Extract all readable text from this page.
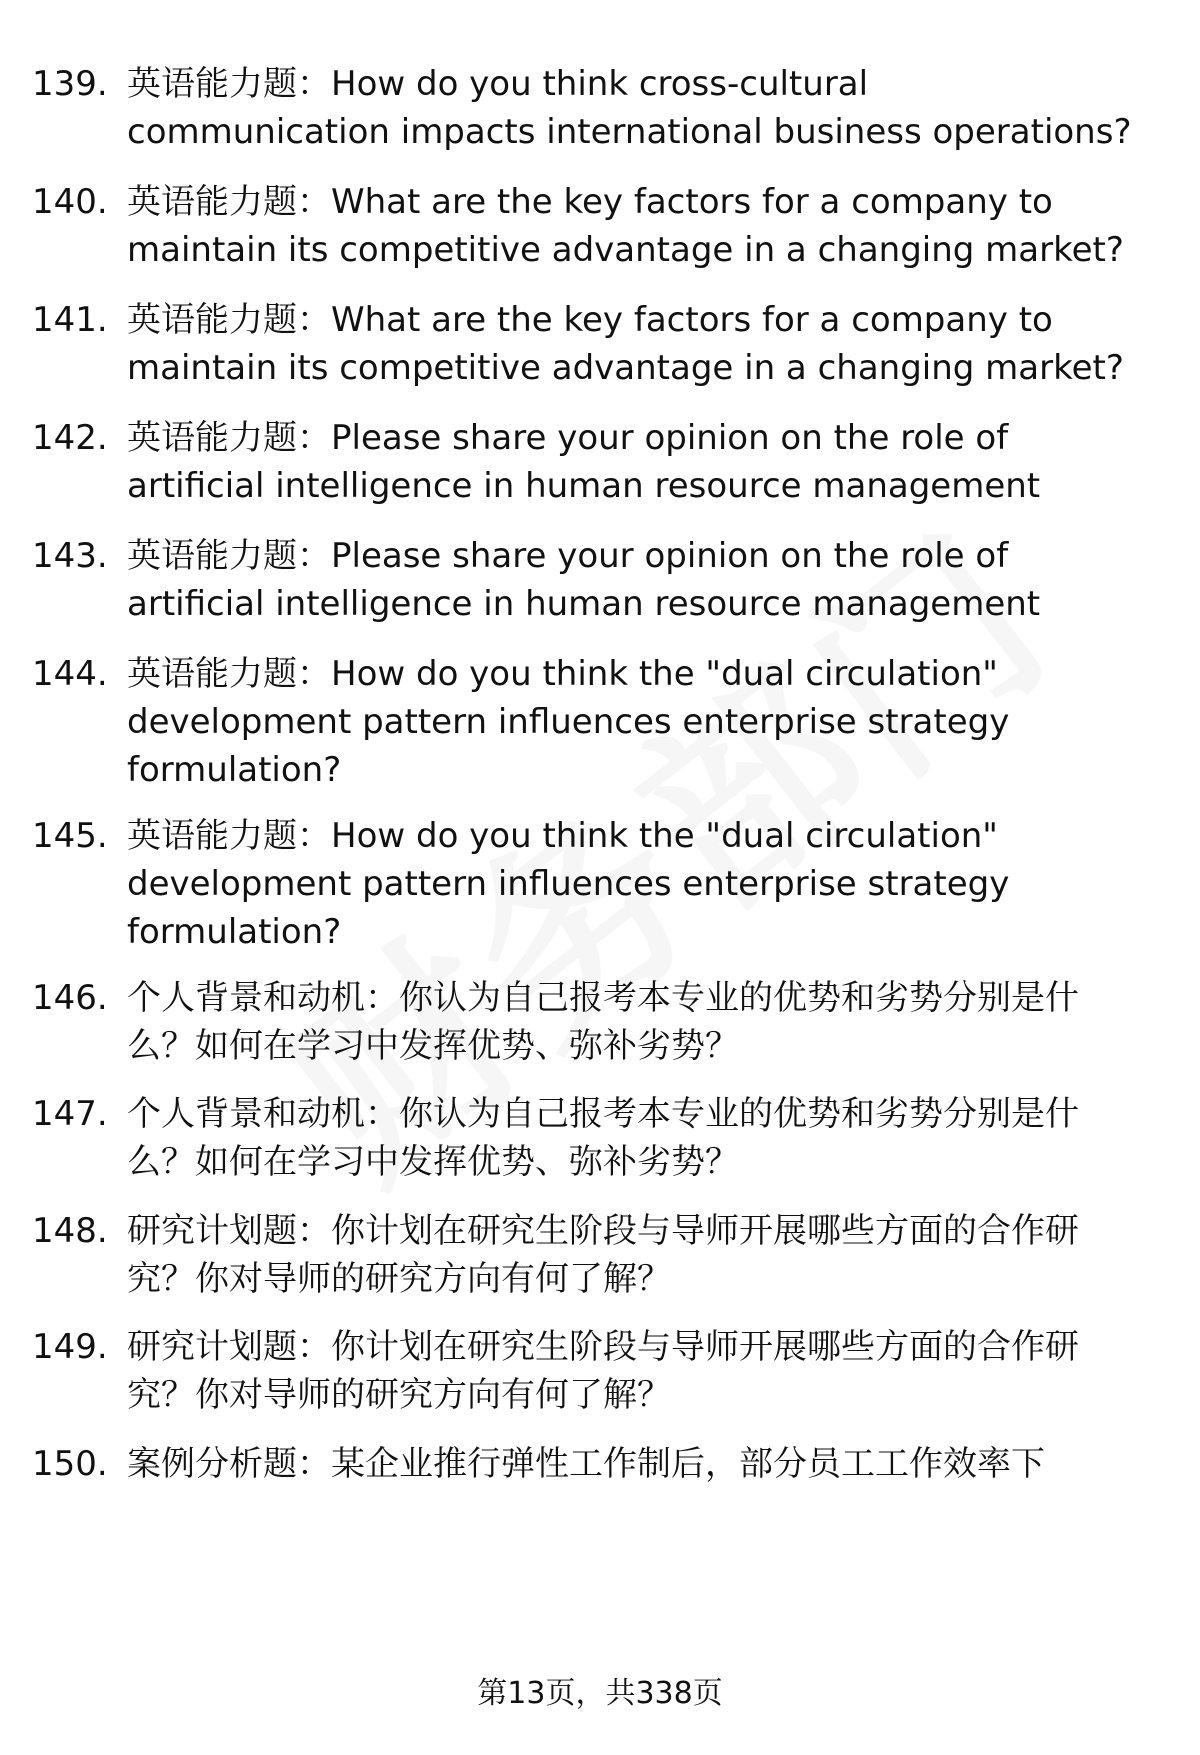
139. 英语能力题：How do you think cross-cultural
communication impacts international business operations?
140. 英语能力题：What are the key factors for a company to
maintain its competitive advantage in a changing market?
141. 英语能力题：What are the key factors for a company to
maintain its competitive advantage in a changing market?
142. 英语能力题：Please share your opinion on the role of
artificial intelligence in human resource management
143. 英语能力题：Please share your opinion on the role of
artificial intelligence in human resource management
144. 英语能力题：How do you think the "dual circulation"
development pattern influences enterprise strategy
formulation?
145. 英语能力题：How do you think the "dual circulation"
development pattern influences enterprise strategy
formulation?
146. 个人背景和动机：你认为自己报考本专业的优势和劣势分别是什
么？如何在学习中发挥优势、弥补劣势？
147. 个人背景和动机：你认为自己报考本专业的优势和劣势分别是什
么？如何在学习中发挥优势、弥补劣势？
148. 研究计划题：你计划在研究生阶段与导师开展哪些方面的合作研
究？你对导师的研究方向有何了解？
149. 研究计划题：你计划在研究生阶段与导师开展哪些方面的合作研
究？你对导师的研究方向有何了解？
150. 案例分析题：某企业推行弹性工作制后，部分员工工作效率下
第13页，共338页
